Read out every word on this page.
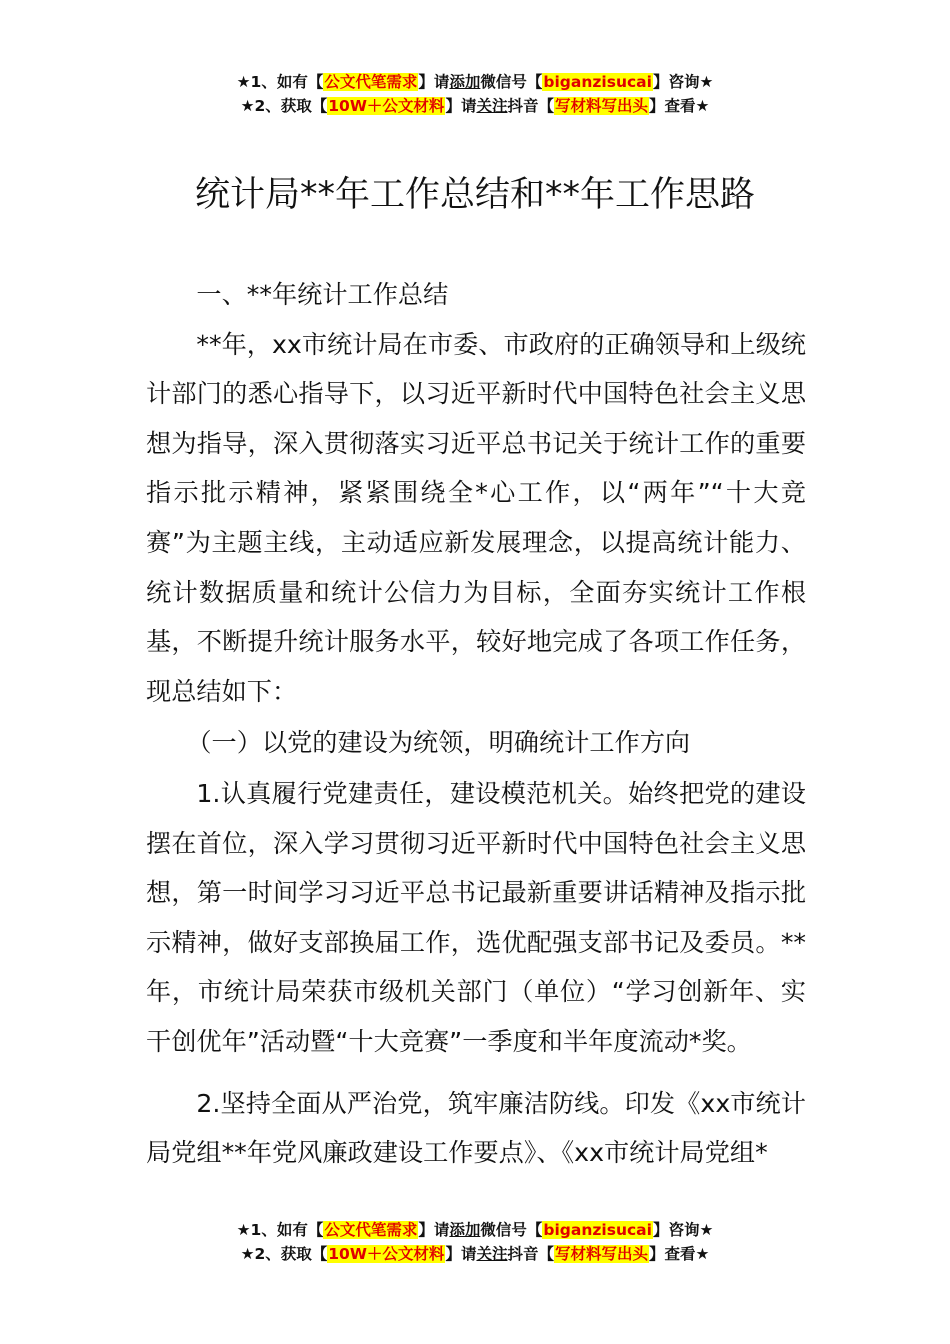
★1、如有【公文代笔需求】请添加微信号【biganzisucai】咨询★
★2、获取【10W＋公文材料】请关注抖音【写材料写出头】查看★
统计局**年工作总结和**年工作思路

一、**年统计工作总结

**年，xx市统计局在市委、市政府的正确领导和上级统计部门的悉心指导下，以习近平新时代中国特色社会主义思想为指导，深入贯彻落实习近平总书记关于统计工作的重要指示批示精神，紧紧围绕全*心工作，以“两年”“十大竞赛”为主题主线，主动适应新发展理念，以提高统计能力、统计数据质量和统计公信力为目标，全面夯实统计工作根基，不断提升统计服务水平，较好地完成了各项工作任务，现总结如下：

（一）以党的建设为统领，明确统计工作方向

1.认真履行党建责任，建设模范机关。始终把党的建设摆在首位，深入学习贯彻习近平新时代中国特色社会主义思想，第一时间学习习近平总书记最新重要讲话精神及指示批示精神，做好支部换届工作，选优配强支部书记及委员。**年，市统计局荣获市级机关部门（单位）“学习创新年、实干创优年”活动暨“十大竞赛”一季度和半年度流动*奖。

2.坚持全面从严治党，筑牢廉洁防线。印发《xx市统计局党组**年党风廉政建设工作要点》、《xx市统计局党组*

★1、如有【公文代笔需求】请添加微信号【biganzisucai】咨询★
★2、获取【10W＋公文材料】请关注抖音【写材料写出头】查看★
